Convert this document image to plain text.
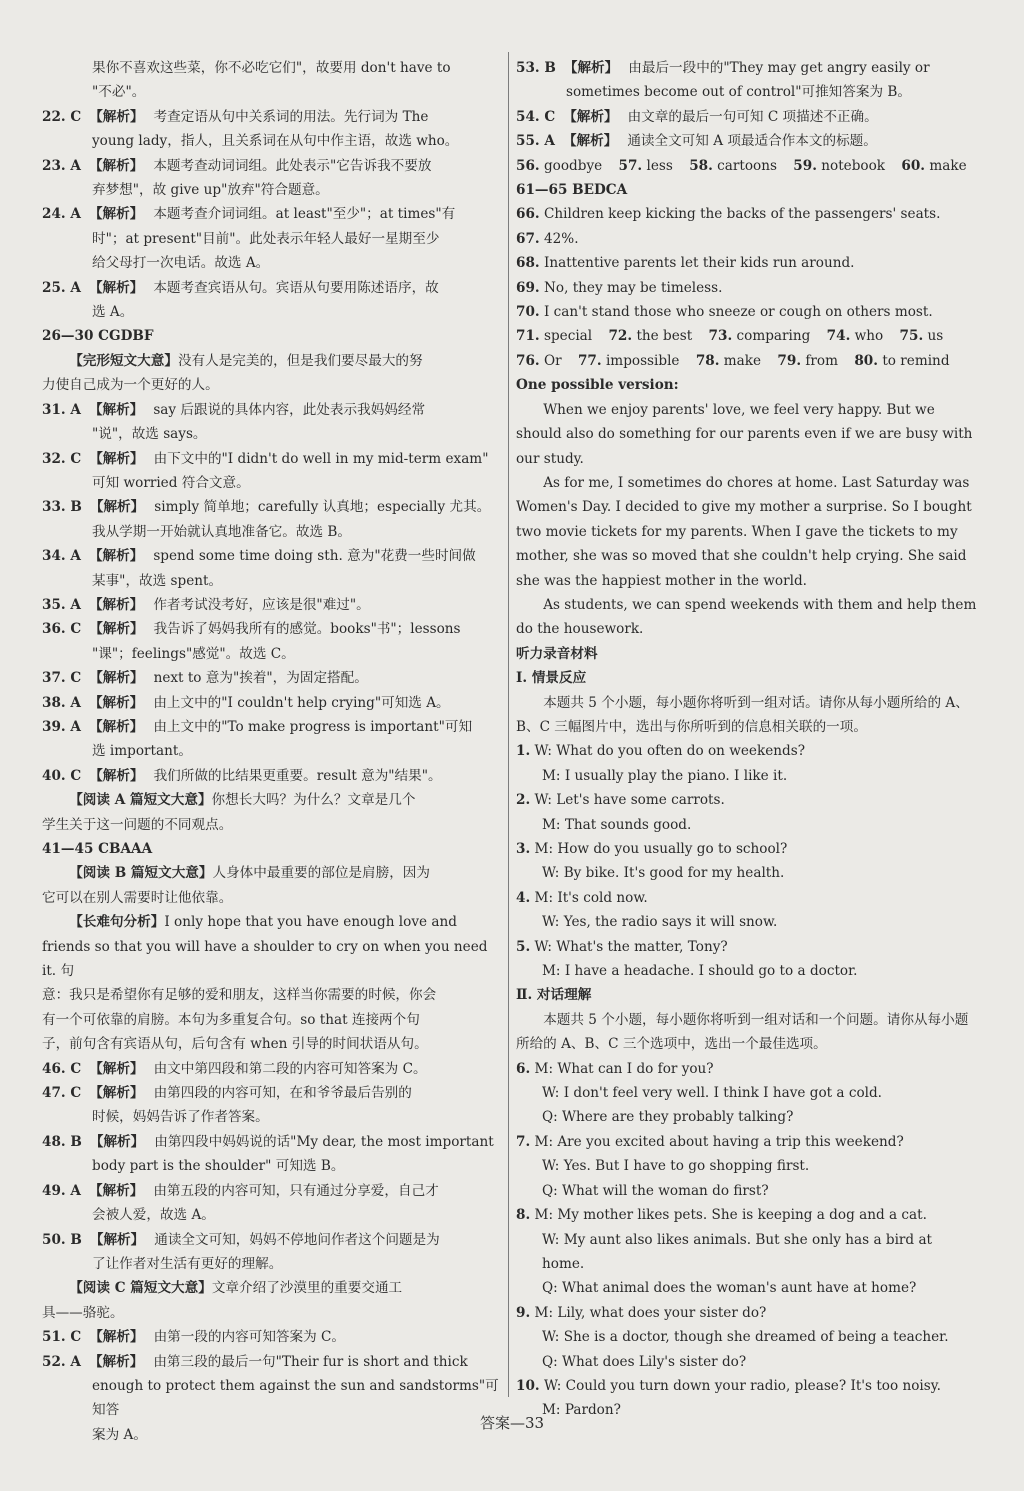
果你不喜欢这些菜，你不必吃它们"，故要用 don't have to
"不必"。
22. C 【解析】 考查定语从句中关系词的用法。先行词为 The
young lady，指人，且关系词在从句中作主语，故选 who。
23. A 【解析】 本题考查动词词组。此处表示"它告诉我不要放
弃梦想"，故 give up"放弃"符合题意。
24. A 【解析】 本题考查介词词组。at least"至少"；at times"有
时"；at present"目前"。此处表示年轻人最好一星期至少
给父母打一次电话。故选 A。
25. A 【解析】 本题考查宾语从句。宾语从句要用陈述语序，故
选 A。
26—30 CGDBF
【完形短文大意】没有人是完美的，但是我们要尽最大的努
力使自己成为一个更好的人。
31. A 【解析】 say 后跟说的具体内容，此处表示我妈妈经常
"说"，故选 says。
32. C 【解析】 由下文中的"I didn't do well in my mid-term exam"
可知 worried 符合文意。
33. B 【解析】 simply 简单地；carefully 认真地；especially 尤其。
我从学期一开始就认真地准备它。故选 B。
34. A 【解析】 spend some time doing sth. 意为"花费一些时间做
某事"，故选 spent。
35. A 【解析】 作者考试没考好，应该是很"难过"。
36. C 【解析】 我告诉了妈妈我所有的感觉。books"书"；lessons
"课"；feelings"感觉"。故选 C。
37. C 【解析】 next to 意为"挨着"，为固定搭配。
38. A 【解析】 由上文中的"I couldn't help crying"可知选 A。
39. A 【解析】 由上文中的"To make progress is important"可知
选 important。
40. C 【解析】 我们所做的比结果更重要。result 意为"结果"。
【阅读 A 篇短文大意】你想长大吗？为什么？文章是几个
学生关于这一问题的不同观点。
41—45 CBAAA
【阅读 B 篇短文大意】人身体中最重要的部位是肩膀，因为
它可以在别人需要时让他依靠。
【长难句分析】I only hope that you have enough love and
friends so that you will have a shoulder to cry on when you need it. 句
意：我只是希望你有足够的爱和朋友，这样当你需要的时候，你会
有一个可依靠的肩膀。本句为多重复合句。so that 连接两个句
子，前句含有宾语从句，后句含有 when 引导的时间状语从句。
46. C 【解析】 由文中第四段和第二段的内容可知答案为 C。
47. C 【解析】 由第四段的内容可知，在和爷爷最后告别的
时候，妈妈告诉了作者答案。
48. B 【解析】 由第四段中妈妈说的话"My dear, the most important
body part is the shoulder" 可知选 B。
49. A 【解析】 由第五段的内容可知，只有通过分享爱，自己才
会被人爱，故选 A。
50. B 【解析】 通读全文可知，妈妈不停地问作者这个问题是为
了让作者对生活有更好的理解。
【阅读 C 篇短文大意】文章介绍了沙漠里的重要交通工
具——骆驼。
51. C 【解析】 由第一段的内容可知答案为 C。
52. A 【解析】 由第三段的最后一句"Their fur is short and thick
enough to protect them against the sun and sandstorms"可知答
案为 A。
53. B 【解析】 由最后一段中的"They may get angry easily or
sometimes become out of control"可推知答案为 B。
54. C 【解析】 由文章的最后一句可知 C 项描述不正确。
55. A 【解析】 通读全文可知 A 项最适合作本文的标题。
56. goodbye 57. less 58. cartoons 59. notebook 60. make
61—65 BEDCA
66. Children keep kicking the backs of the passengers' seats.
67. 42%.
68. Inattentive parents let their kids run around.
69. No, they may be timeless.
70. I can't stand those who sneeze or cough on others most.
71. special 72. the best 73. comparing 74. who 75. us
76. Or 77. impossible 78. make 79. from 80. to remind
One possible version:
When we enjoy parents' love, we feel very happy. But we should also do something for our parents even if we are busy with our study.
As for me, I sometimes do chores at home. Last Saturday was Women's Day. I decided to give my mother a surprise. So I bought two movie tickets for my parents. When I gave the tickets to my mother, she was so moved that she couldn't help crying. She said she was the happiest mother in the world.
As students, we can spend weekends with them and help them do the housework.
听力录音材料
Ⅰ. 情景反应
本题共 5 个小题，每小题你将听到一组对话。请你从每小题所给的 A、B、C 三幅图片中，选出与你所听到的信息相关联的一项。
1. W: What do you often do on weekends?
M: I usually play the piano. I like it.
2. W: Let's have some carrots.
M: That sounds good.
3. M: How do you usually go to school?
W: By bike. It's good for my health.
4. M: It's cold now.
W: Yes, the radio says it will snow.
5. W: What's the matter, Tony?
M: I have a headache. I should go to a doctor.
Ⅱ. 对话理解
本题共 5 个小题，每小题你将听到一组对话和一个问题。请你从每小题所给的 A、B、C 三个选项中，选出一个最佳选项。
6. M: What can I do for you?
W: I don't feel very well. I think I have got a cold.
Q: Where are they probably talking?
7. M: Are you excited about having a trip this weekend?
W: Yes. But I have to go shopping first.
Q: What will the woman do first?
8. M: My mother likes pets. She is keeping a dog and a cat.
W: My aunt also likes animals. But she only has a bird at home.
Q: What animal does the woman's aunt have at home?
9. M: Lily, what does your sister do?
W: She is a doctor, though she dreamed of being a teacher.
Q: What does Lily's sister do?
10. W: Could you turn down your radio, please? It's too noisy.
M: Pardon?
答案—33
